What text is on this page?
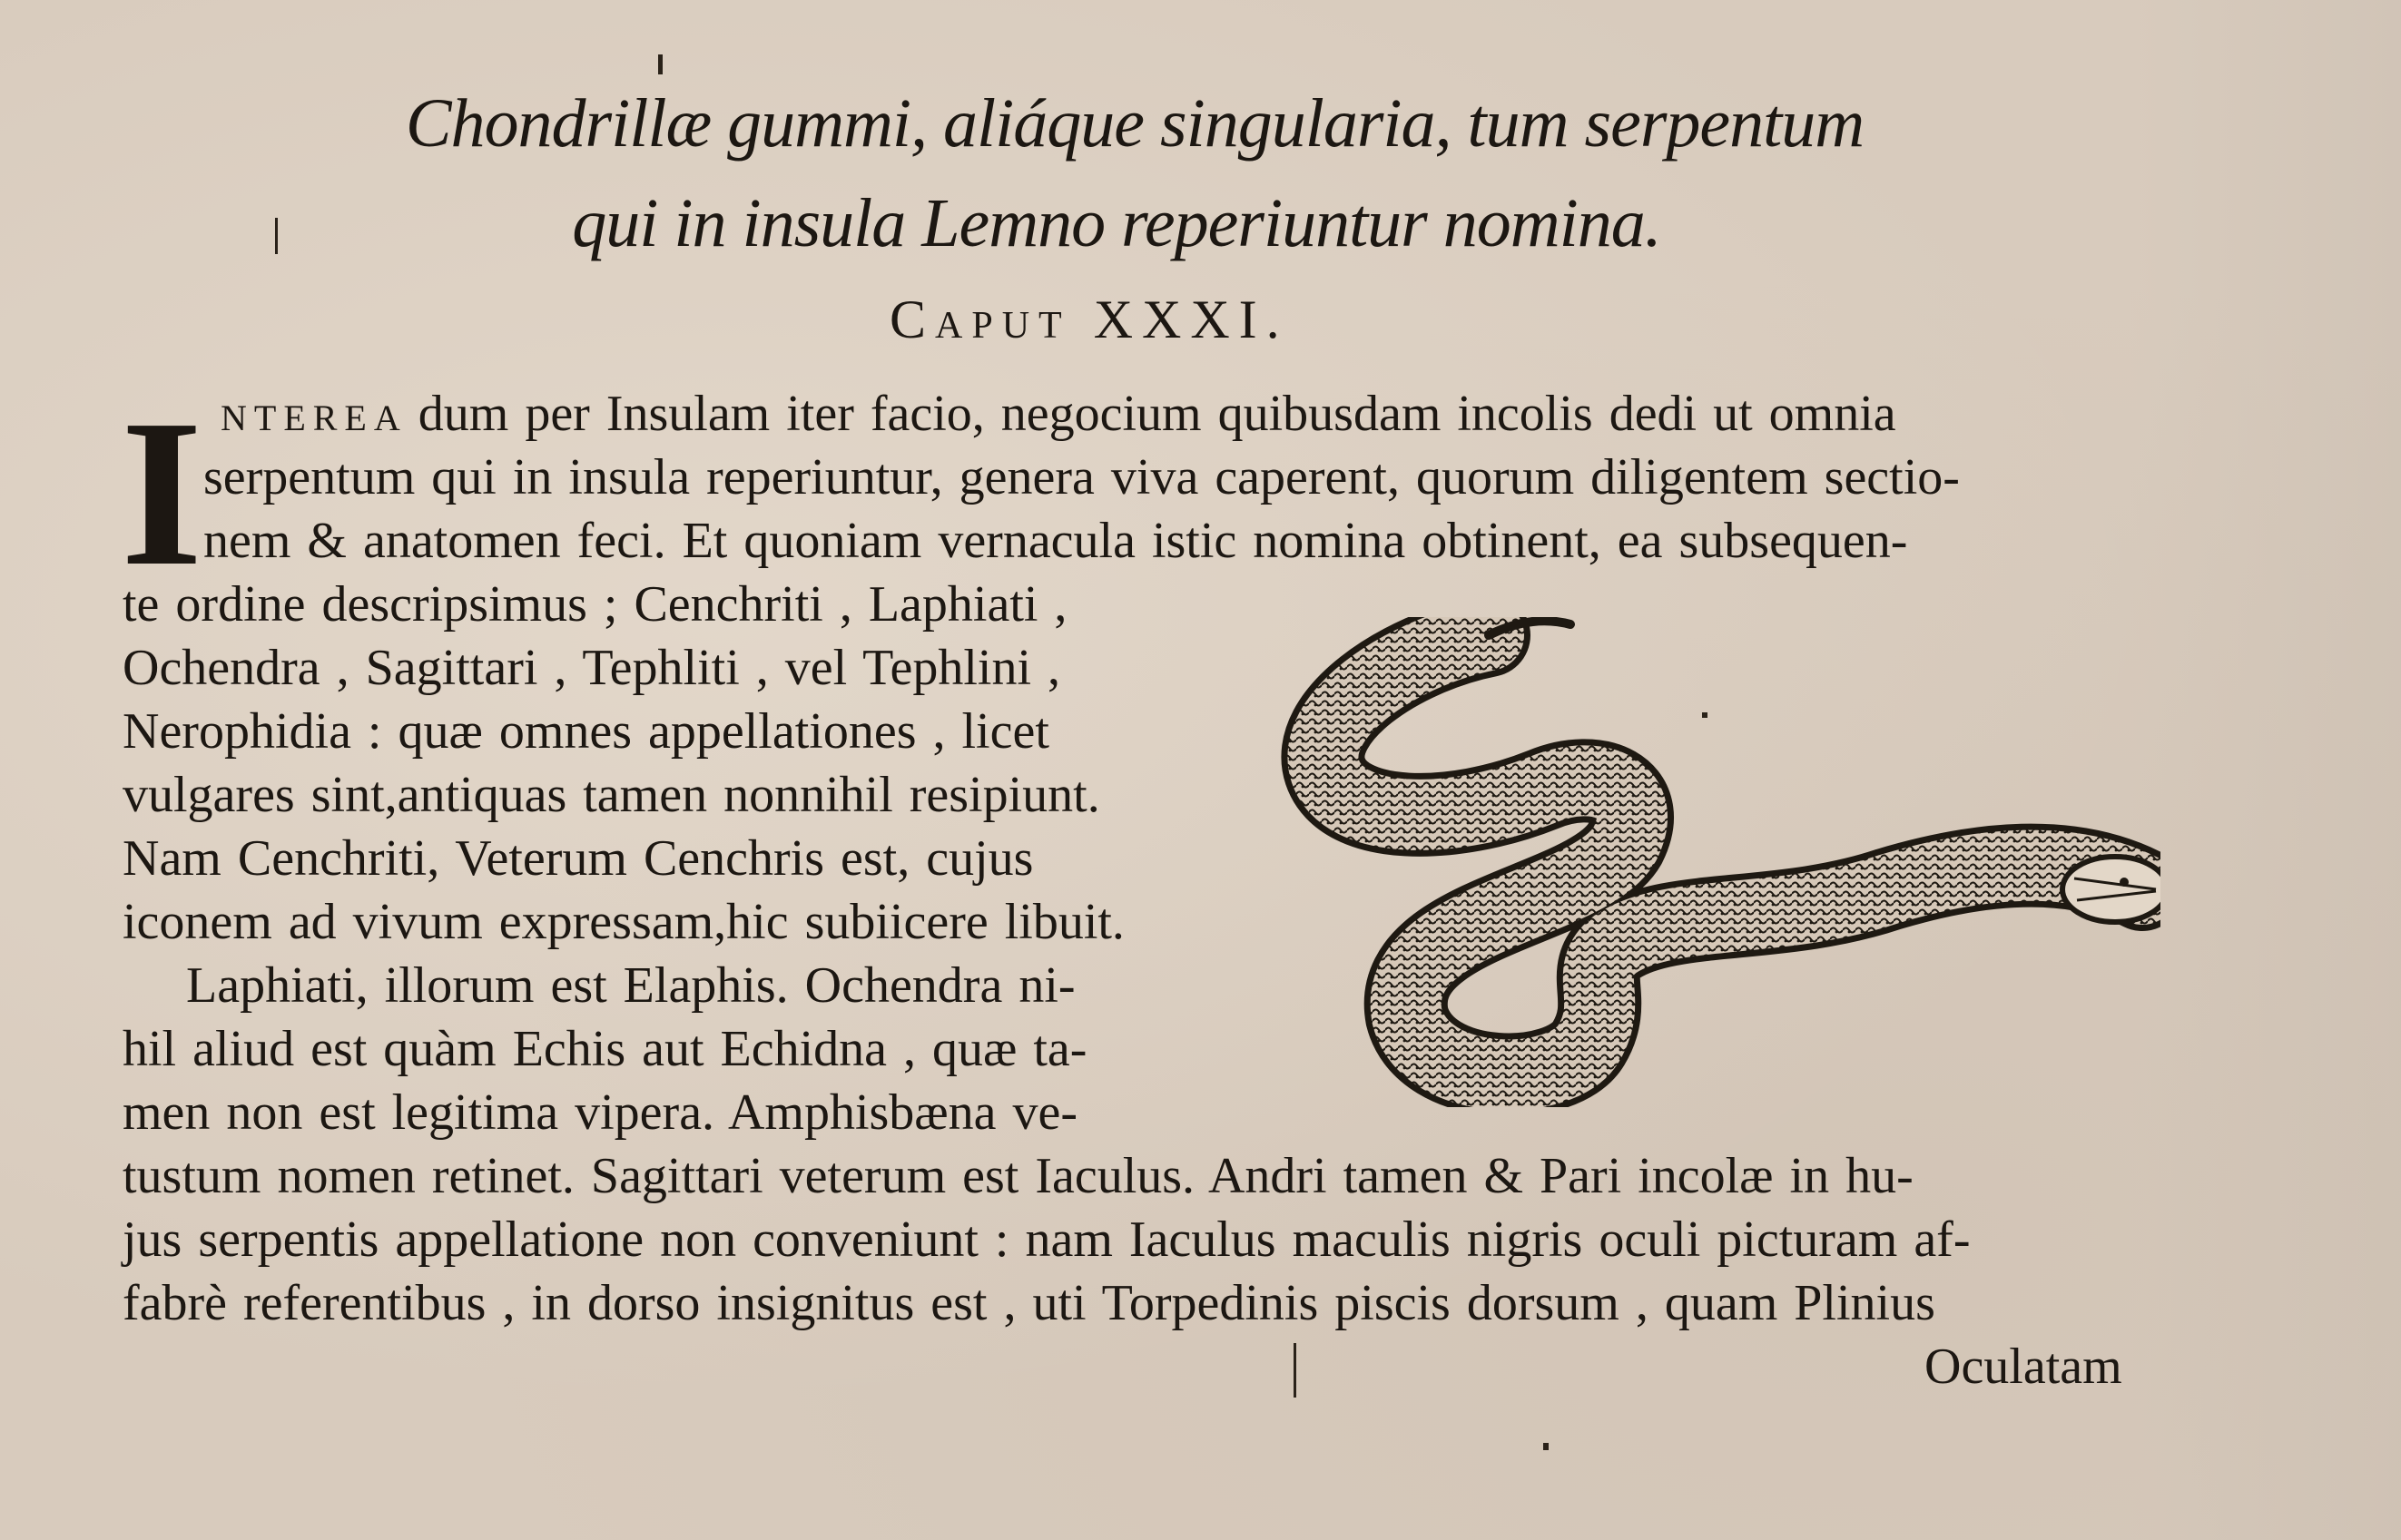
Chondrillæ gummi, aliáque singularia, tum serpentum
qui in insula Lemno reperiuntur nomina.
Caput XXXI.
I NTEREA dum per Insulam iter facio, negocium quibusdam incolis dedi ut omnia
serpentum qui in insula reperiuntur, genera viva caperent, quorum diligentem sectio-
nem & anatomen feci. Et quoniam vernacula istic nomina obtinent, ea subsequen-
te ordine descripsimus ; Cenchriti , Laphiati ,
Ochendra , Sagittari , Tephliti , vel Tephlini ,
Nerophidia : quæ omnes appellationes , licet
vulgares sint,antiquas tamen nonnihil resipiunt.
Nam Cenchriti, Veterum Cenchris est, cujus
iconem ad vivum expressam,hic subiicere libuit.
Laphiati, illorum est Elaphis. Ochendra ni-
hil aliud est quàm Echis aut Echidna , quæ ta-
men non est legitima vipera. Amphisbæna ve-
tustum nomen retinet. Sagittari veterum est Iaculus. Andri tamen & Pari incolæ in hu-
jus serpentis appellatione non conveniunt : nam Iaculus maculis nigris oculi picturam af-
fabrè referentibus , in dorso insignitus est , uti Torpedinis piscis dorsum , quam Plinius
Oculatam
